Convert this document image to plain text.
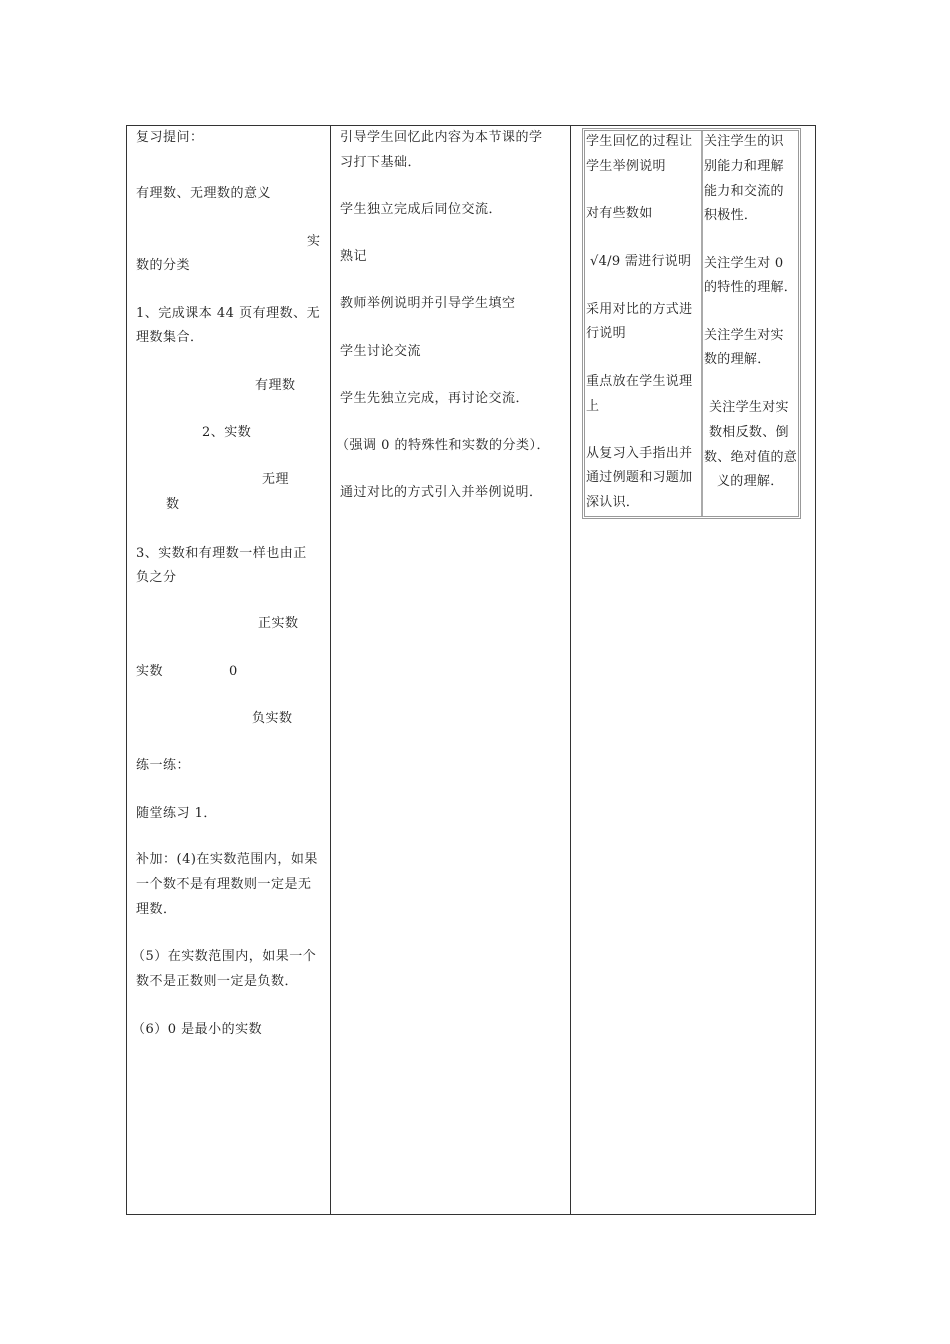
复习提问：
有理数、无理数的意义
实
数的分类
1、完成课本 44 页有理数、无
理数集合．
有理数
2、实数
无理
数
3、实数和有理数一样也由正
负之分
正实数
实数	0
负实数
练一练：
随堂练习 1．
补加：(4)在实数范围内，如果
一个数不是有理数则一定是无
理数．
（5）在实数范围内，如果一个
数不是正数则一定是负数．
（6）0 是最小的实数
引导学生回忆此内容为本节课的学
习打下基础．
学生独立完成后同位交流．
熟记
教师举例说明并引导学生填空
学生讨论交流
学生先独立完成，再讨论交流．
（强调 0 的特殊性和实数的分类）．
通过对比的方式引入并举例说明．
学生回忆的过程让
学生举例说明
对有些数如
√4/9 需进行说明
采用对比的方式进
行说明
重点放在学生说理
上
从复习入手指出并
通过例题和习题加
深认识．
关注学生的识
别能力和理解
能力和交流的
积极性．
关注学生对 0
的特性的理解．
关注学生对实
数的理解．
关注学生对实
数相反数、倒
数、绝对值的意
义的理解．
